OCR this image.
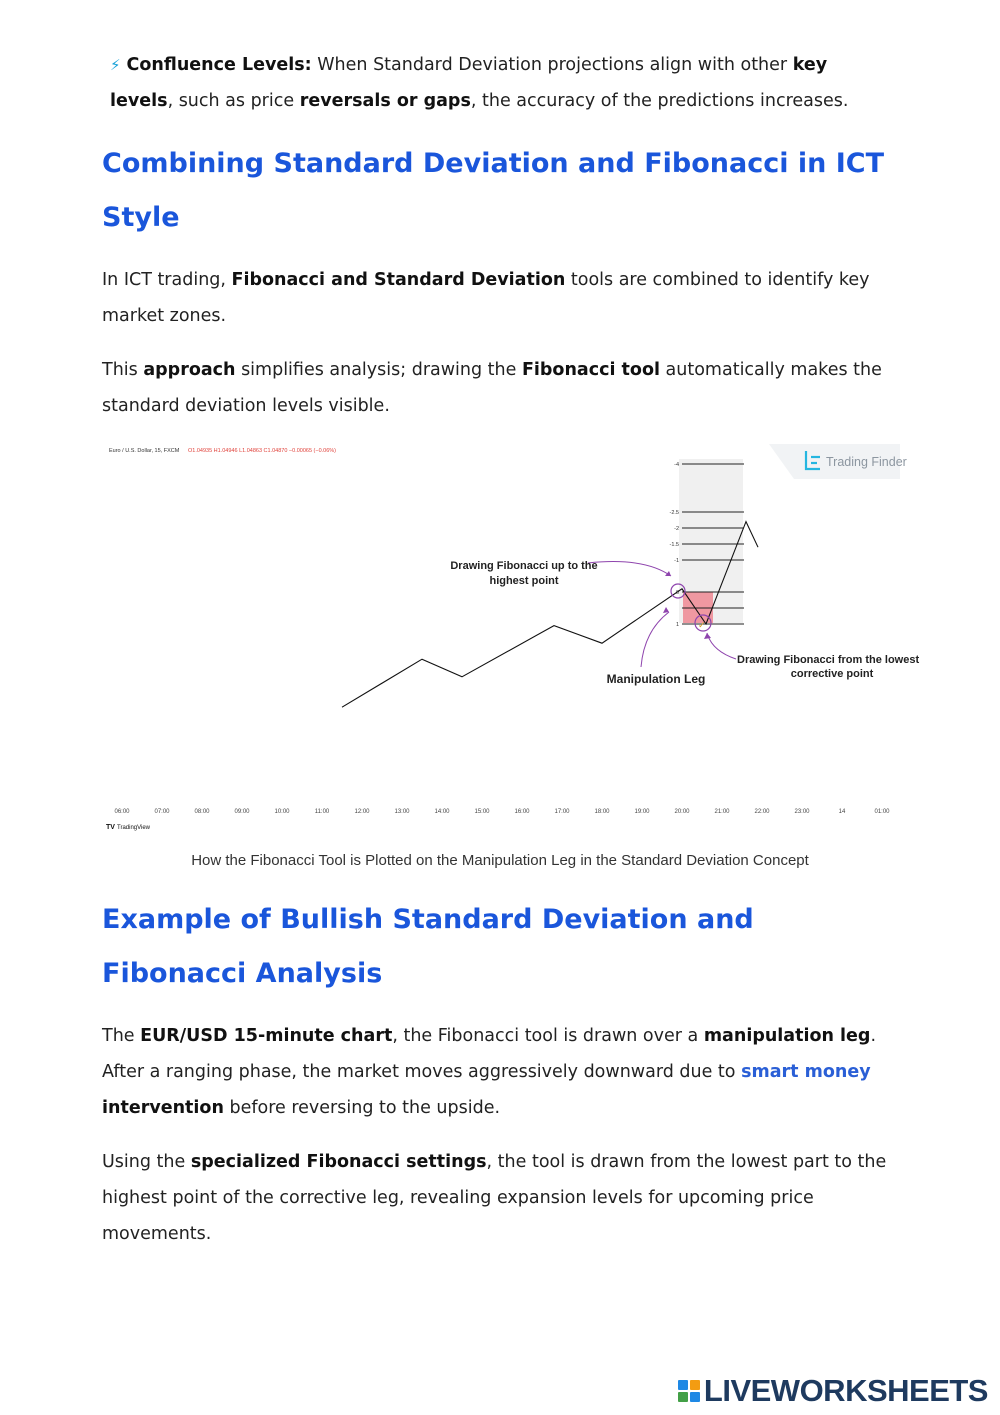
⚡ Confluence Levels: When Standard Deviation projections align with other key levels, such as price reversals or gaps, the accuracy of the predictions increases.

Combining Standard Deviation and Fibonacci in ICT Style

In ICT trading, Fibonacci and Standard Deviation tools are combined to identify key market zones.

This approach simplifies analysis; drawing the Fibonacci tool automatically makes the standard deviation levels visible.

Euro / U.S. Dollar, 15, FXCM O1.04935 H1.04946 L1.04863 C1.04870 −0.00065 (−0.06%)
Trading Finder
-4
-2.5
-2
-1.5
-1
0
1
06:00	07:00	08:00	09:00	10:00	11:00	12:00	13:00	14:00	15:00	16:00	17:00	18:00	19:00	20:00	21:00	22:00	23:00	14	01:00
✓
Drawing Fibonacci up to the
highest point
Manipulation Leg
Drawing Fibonacci from the lowest
corrective point
TV TradingView
How the Fibonacci Tool is Plotted on the Manipulation Leg in the Standard Deviation Concept
Example of Bullish Standard Deviation and Fibonacci Analysis

The EUR/USD 15-minute chart, the Fibonacci tool is drawn over a manipulation leg. After a ranging phase, the market moves aggressively downward due to smart money intervention before reversing to the upside.

Using the specialized Fibonacci settings, the tool is drawn from the lowest part to the highest point of the corrective leg, revealing expansion levels for upcoming price movements.

LIVEWORKSHEETS
